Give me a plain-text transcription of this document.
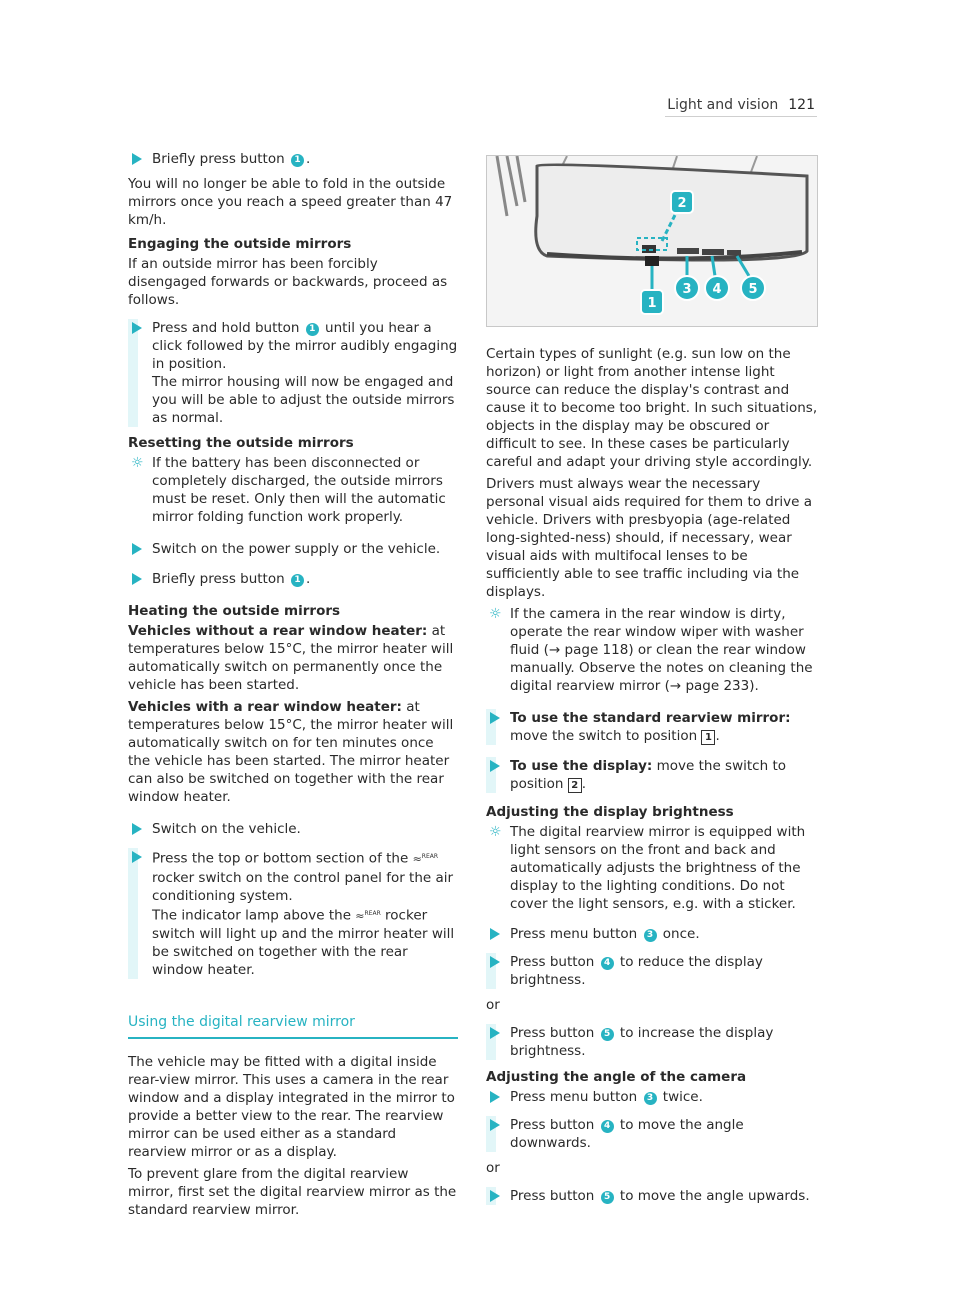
Light and vision 121
Briefly press button 1 .

You will no longer be able to fold in the outside mirrors once you reach a speed greater than 47 km/h.

Engaging the outside mirrors

If an outside mirror has been forcibly disengaged forwards or backwards, proceed as follows.

Press and hold button 1 until you hear a click followed by the mirror audibly engaging in position.
The mirror housing will now be engaged and you will be able to adjust the outside mirrors as normal.
Resetting the outside mirrors
☼ If the battery has been disconnected or completely discharged, the outside mirrors must be reset. Only then will the automatic mirror folding function work properly.
Switch on the power supply or the vehicle.
Briefly press button 1 .
Heating the outside mirrors

Vehicles without a rear window heater: at temperatures below 15°C, the mirror heater will automatically switch on permanently once the vehicle has been started.

Vehicles with a rear window heater: at temperatures below 15°C, the mirror heater will automatically switch on for ten minutes once the vehicle has been started. The mirror heater can also be switched on together with the rear window heater.

Switch on the vehicle.
Press the top or bottom section of the ≈$^{REAR}$ rocker switch on the control panel for the air conditioning system.
The indicator lamp above the ≈$^{REAR}$ rocker switch will light up and the mirror heater will be switched on together with the rear window heater.
Using the digital rearview mirror

The vehicle may be fitted with a digital inside rear-view mirror. This uses a camera in the rear window and a display integrated in the mirror to provide a better view to the rear. The rearview mirror can be used either as a standard rearview mirror or as a display.

To prevent glare from the digital rearview mirror, first set the digital rearview mirror as the standard rearview mirror.

2
1
3 4 5

Certain types of sunlight (e.g. sun low on the horizon) or light from another intense light source can reduce the display's contrast and cause it to become too bright. In such situations, objects in the display may be obscured or difficult to see. In these cases be particularly careful and adapt your driving style accordingly.

Drivers must always wear the necessary personal visual aids required for them to drive a vehicle. Drivers with presbyopia (age-related long-sighted-ness) should, if necessary, wear visual aids with multifocal lenses to be sufficiently able to see traffic including via the displays.

☼ If the camera in the rear window is dirty, operate the rear window wiper with washer fluid (→ page 118) or clean the rear window manually. Observe the notes on cleaning the digital rearview mirror (→ page 233).
To use the standard rearview mirror: move the switch to position 1 .
To use the display: move the switch to position 2 .
Adjusting the display brightness
☼ The digital rearview mirror is equipped with light sensors on the front and back and automatically adjusts the brightness of the display to the lighting conditions. Do not cover the light sensors, e.g. with a sticker.
Press menu button 3 once.
Press button 4 to reduce the display brightness.
or
Press button 5 to increase the display brightness.
Adjusting the angle of the camera
Press menu button 3 twice.
Press button 4 to move the angle downwards.
or
Press button 5 to move the angle upwards.
